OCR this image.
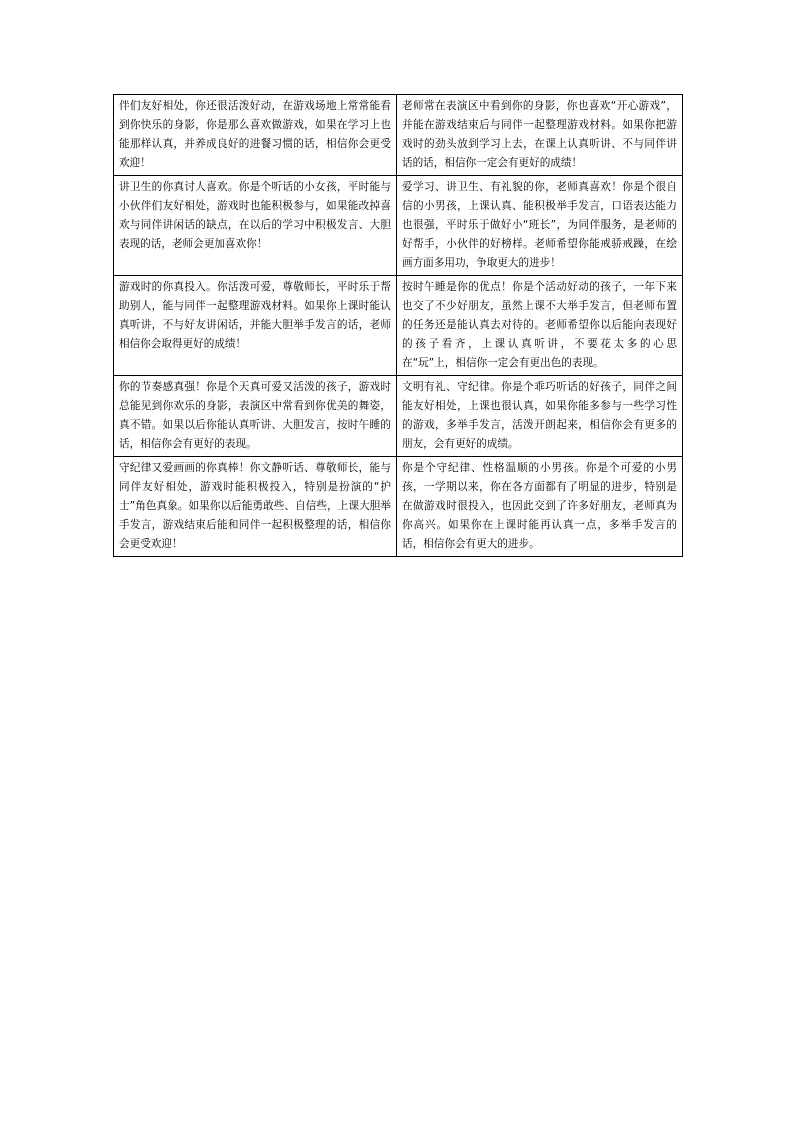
伴们友好相处，你还很活泼好动，在游戏场地上常常能看到你快乐的身影，你是那么喜欢做游戏，如果在学习上也能那样认真，并养成良好的进餐习惯的话，相信你会更受欢迎！	老师常在表演区中看到你的身影，你也喜欢“开心游戏”，并能在游戏结束后与同伴一起整理游戏材料。如果你把游戏时的劲头放到学习上去，在课上认真听讲、不与同伴讲话的话，相信你一定会有更好的成绩！
讲卫生的你真讨人喜欢。你是个听话的小女孩，平时能与小伙伴们友好相处，游戏时也能积极参与，如果能改掉喜欢与同伴讲闲话的缺点，在以后的学习中积极发言、大胆表现的话，老师会更加喜欢你！	爱学习、讲卫生、有礼貌的你，老师真喜欢！你是个很自信的小男孩，上课认真、能积极举手发言，口语表达能力也很强，平时乐于做好小“班长”，为同伴服务，是老师的好帮手，小伙伴的好榜样。老师希望你能戒骄戒躁，在绘画方面多用功，争取更大的进步！
游戏时的你真投入。你活泼可爱，尊敬师长，平时乐于帮助别人，能与同伴一起整理游戏材料。如果你上课时能认真听讲，不与好友讲闲话，并能大胆举手发言的话，老师相信你会取得更好的成绩！	按时午睡是你的优点！你是个活动好动的孩子，一年下来也交了不少好朋友，虽然上课不大举手发言，但老师布置的任务还是能认真去对待的。老师希望你以后能向表现好的孩子看齐，上课认真听讲，不要花太多的心思在“玩”上，相信你一定会有更出色的表现。
你的节奏感真强！你是个天真可爱又活泼的孩子，游戏时总能见到你欢乐的身影，表演区中常看到你优美的舞姿，真不错。如果以后你能认真听讲、大胆发言，按时午睡的话，相信你会有更好的表现。	文明有礼、守纪律。你是个乖巧听话的好孩子，同伴之间能友好相处，上课也很认真，如果你能多参与一些学习性的游戏，多举手发言，活泼开朗起来，相信你会有更多的朋友，会有更好的成绩。
守纪律又爱画画的你真棒！你文静听话、尊敬师长，能与同伴友好相处，游戏时能积极投入，特别是扮演的“护士”角色真象。如果你以后能勇敢些、自信些，上课大胆举手发言，游戏结束后能和同伴一起积极整理的话，相信你会更受欢迎！	你是个守纪律、性格温顺的小男孩。你是个可爱的小男孩，一学期以来，你在各方面都有了明显的进步，特别是在做游戏时很投入，也因此交到了许多好朋友，老师真为你高兴。如果你在上课时能再认真一点，多举手发言的话，相信你会有更大的进步。
